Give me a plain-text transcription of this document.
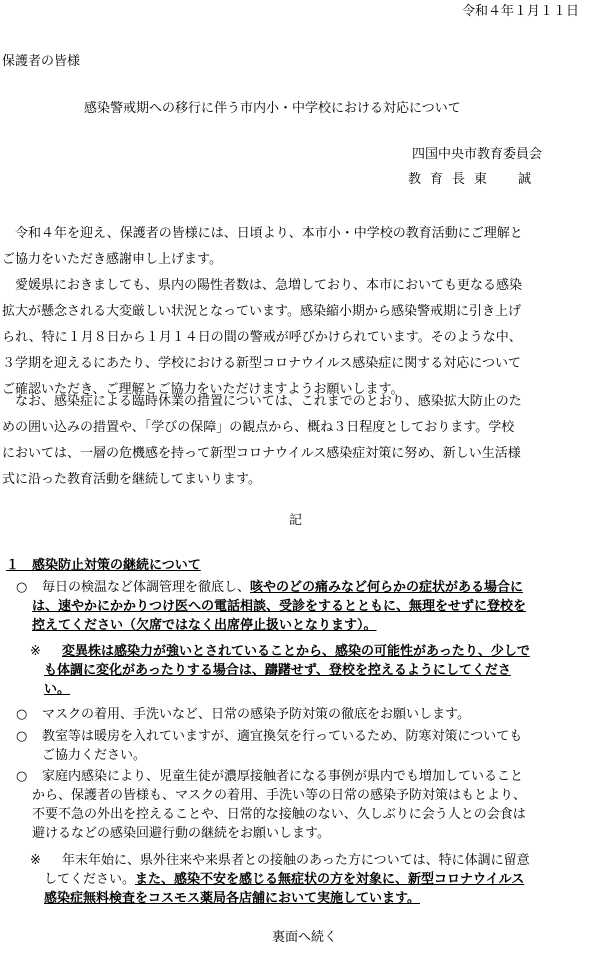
令和４年１月１１日
保護者の皆様
感染警戒期への移行に伴う市内小・中学校における対応について
四国中央市教育委員会
教育長東　誠
　令和４年を迎え、保護者の皆様には、日頃より、本市小・中学校の教育活動にご理解と
ご協力をいただき感謝申し上げます。
　愛媛県におきましても、県内の陽性者数は、急増しており、本市においても更なる感染
拡大が懸念される大変厳しい状況となっています。感染縮小期から感染警戒期に引き上げ
られ、特に１月８日から１月１４日の間の警戒が呼びかけられています。そのような中、
３学期を迎えるにあたり、学校における新型コロナウイルス感染症に関する対応について
ご確認いただき、ご理解とご協力をいただけますようお願いします。
　なお、感染症による臨時休業の措置については、これまでのとおり、感染拡大防止のた
めの囲い込みの措置や、「学びの保障」の観点から、概ね３日程度としております。学校
においては、一層の危機感を持って新型コロナウイルス感染症対策に努め、新しい生活様
式に沿った教育活動を継続してまいります。
記
１　感染防止対策の継続について
○	毎日の検温など体調管理を徹底し、咳やのどの痛みなど何らかの症状がある場合に
は、速やかにかかりつけ医への電話相談、受診をするとともに、無理をせずに登校を
控えてください（欠席ではなく出席停止扱いとなります）。
※	変異株は感染力が強いとされていることから、感染の可能性があったり、少しで
も体調に変化があったりする場合は、躊躇せず、登校を控えるようにしてくださ
い。
○	マスクの着用、手洗いなど、日常の感染予防対策の徹底をお願いします。
○	教室等は暖房を入れていますが、適宜換気を行っているため、防寒対策についても
ご協力ください。
○	家庭内感染により、児童生徒が濃厚接触者になる事例が県内でも増加していること
から、保護者の皆様も、マスクの着用、手洗い等の日常の感染予防対策はもとより、
不要不急の外出を控えることや、日常的な接触のない、久しぶりに会う人との会食は
避けるなどの感染回避行動の継続をお願いします。
※	年末年始に、県外往来や来県者との接触のあった方については、特に体調に留意
してください。また、感染不安を感じる無症状の方を対象に、新型コロナウイルス
感染症無料検査をコスモス薬局各店舗において実施しています。
裏面へ続く
